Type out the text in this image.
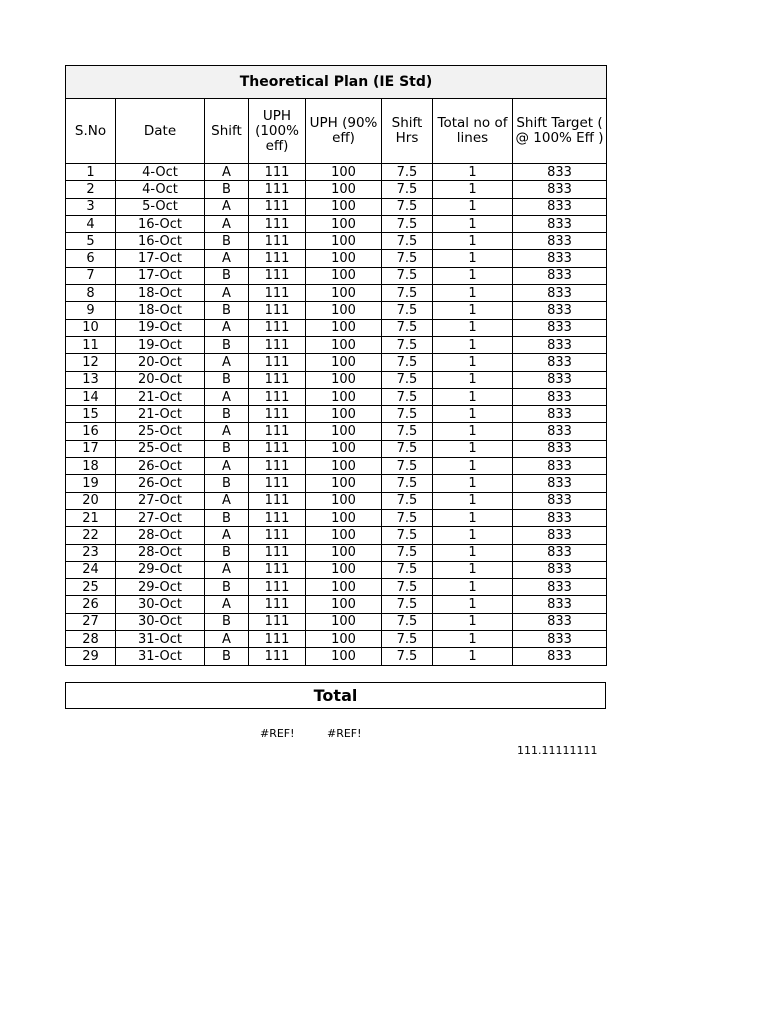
Theoretical Plan (IE Std)							
S.No	Date	Shift	UPH (100% eff)	UPH (90% eff)	Shift Hrs	Total no of lines	Shift Target ( @ 100% Eff )
1	4-Oct	A	111	100	7.5	1	833
2	4-Oct	B	111	100	7.5	1	833
3	5-Oct	A	111	100	7.5	1	833
4	16-Oct	A	111	100	7.5	1	833
5	16-Oct	B	111	100	7.5	1	833
6	17-Oct	A	111	100	7.5	1	833
7	17-Oct	B	111	100	7.5	1	833
8	18-Oct	A	111	100	7.5	1	833
9	18-Oct	B	111	100	7.5	1	833
10	19-Oct	A	111	100	7.5	1	833
11	19-Oct	B	111	100	7.5	1	833
12	20-Oct	A	111	100	7.5	1	833
13	20-Oct	B	111	100	7.5	1	833
14	21-Oct	A	111	100	7.5	1	833
15	21-Oct	B	111	100	7.5	1	833
16	25-Oct	A	111	100	7.5	1	833
17	25-Oct	B	111	100	7.5	1	833
18	26-Oct	A	111	100	7.5	1	833
19	26-Oct	B	111	100	7.5	1	833
20	27-Oct	A	111	100	7.5	1	833
21	27-Oct	B	111	100	7.5	1	833
22	28-Oct	A	111	100	7.5	1	833
23	28-Oct	B	111	100	7.5	1	833
24	29-Oct	A	111	100	7.5	1	833
25	29-Oct	B	111	100	7.5	1	833
26	30-Oct	A	111	100	7.5	1	833
27	30-Oct	B	111	100	7.5	1	833
28	31-Oct	A	111	100	7.5	1	833
29	31-Oct	B	111	100	7.5	1	833
Total
#REF!	#REF!
111.11111111
